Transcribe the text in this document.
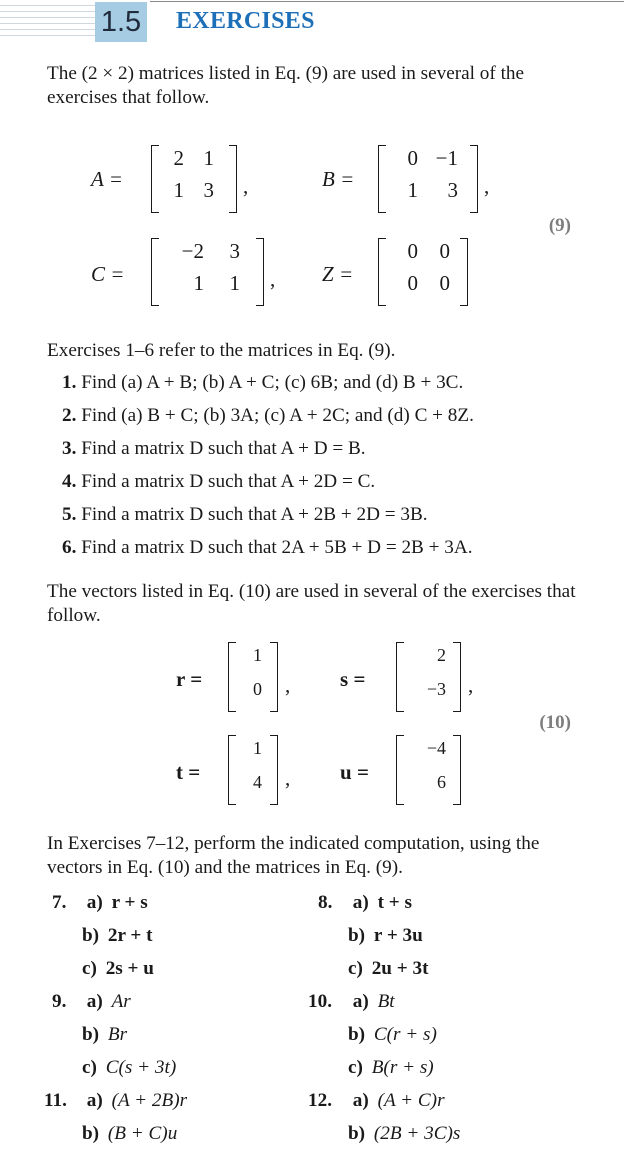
1.5 EXERCISES
The (2 × 2) matrices listed in Eq. (9) are used in several of the exercises that follow.
A =
2 1
1 3 ,	B =
0 −1
1	3 ,
(9)
C =
−2	3
1	1 , Z =
0	0
0	0
Exercises 1–6 refer to the matrices in Eq. (9).
1. Find (a) A + B; (b) A + C; (c) 6B; and (d) B + 3C.
2. Find (a) B + C; (b) 3A; (c) A + 2C; and (d) C + 8Z.
3. Find a matrix D such that A + D = B.
4. Find a matrix D such that A + 2D = C.
5. Find a matrix D such that A + 2B + 2D = 3B.
6. Find a matrix D such that 2A + 5B + D = 2B + 3A.
The vectors listed in Eq. (10) are used in several of the exercises that follow.
r =
1
0 , s =
2
−3 ,
(10)
t =
1
4 , u =
−4
6
In Exercises 7–12, perform the indicated computation, using the vectors in Eq. (10) and the matrices in Eq. (9).
7. a) r + s
b) 2r + t
c) 2s + u
9. a) Ar
b) Br
c) C(s + 3t)
11. a) (A + 2B)r
b) (B + C)u
8. a) t + s
b) r + 3u
c) 2u + 3t
10. a) Bt
b) C(r + s)
c) B(r + s)
12. a) (A + C)r
b) (2B + 3C)s
